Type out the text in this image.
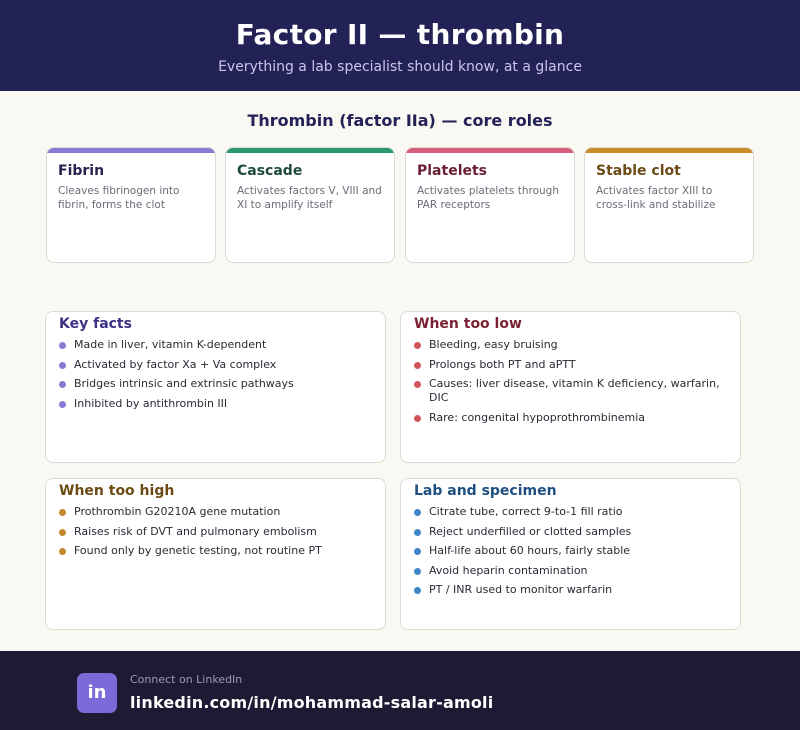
Factor II — thrombin
Everything a lab specialist should know, at a glance
Thrombin (factor IIa) — core roles
Fibrin
Cleaves fibrinogen into fibrin, forms the clot
Cascade
Activates factors V, VIII and XI to amplify itself
Platelets
Activates platelets through PAR receptors
Stable clot
Activates factor XIII to cross-link and stabilize
Key facts
Made in liver, vitamin K-dependent
Activated by factor Xa + Va complex
Bridges intrinsic and extrinsic pathways
Inhibited by antithrombin III
When too low
Bleeding, easy bruising
Prolongs both PT and aPTT
Causes: liver disease, vitamin K deficiency, warfarin, DIC
Rare: congenital hypoprothrombinemia
When too high
Prothrombin G20210A gene mutation
Raises risk of DVT and pulmonary embolism
Found only by genetic testing, not routine PT
Lab and specimen
Citrate tube, correct 9-to-1 fill ratio
Reject underfilled or clotted samples
Half-life about 60 hours, fairly stable
Avoid heparin contamination
PT / INR used to monitor warfarin
in
Connect on LinkedIn
linkedin.com/in/mohammad-salar-amoli
